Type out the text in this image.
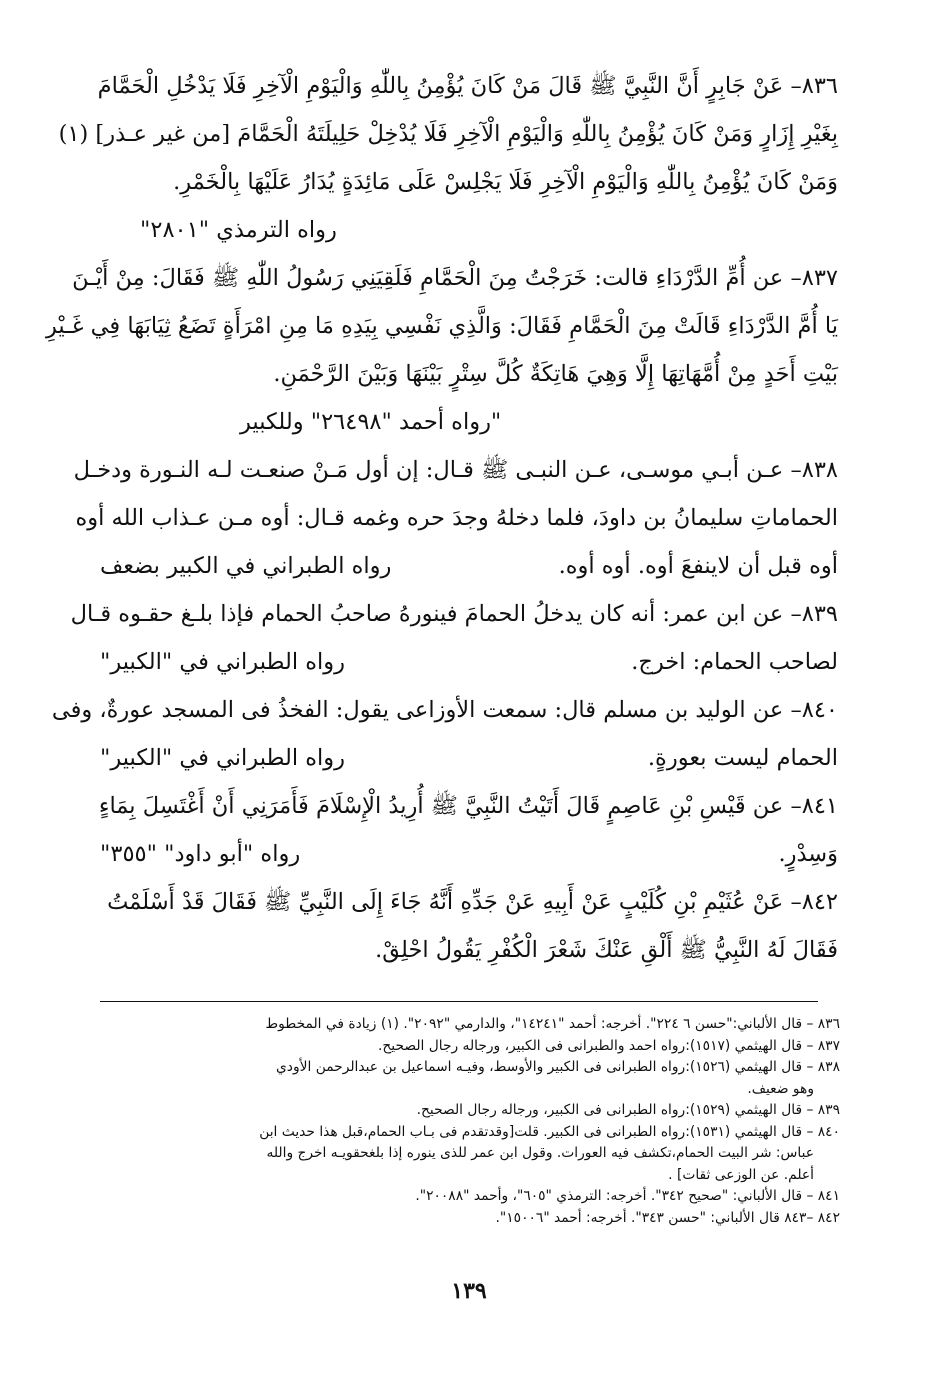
٨٣٦– عَنْ جَابِرٍ أَنَّ النَّبِيَّ ﷺ قَالَ مَنْ كَانَ يُؤْمِنُ بِاللّٰهِ وَالْيَوْمِ الْآخِرِ فَلَا يَدْخُلِ الْحَمَّامَ
بِغَيْرِ إِزَارٍ وَمَنْ كَانَ يُؤْمِنُ بِاللّٰهِ وَالْيَوْمِ الْآخِرِ فَلَا يُدْخِلْ حَلِيلَتَهُ الْحَمَّامَ [من غير عـذر] (١)
وَمَنْ كَانَ يُؤْمِنُ بِاللّٰهِ وَالْيَوْمِ الْآخِرِ فَلَا يَجْلِسْ عَلَى مَائِدَةٍ يُدَارُ عَلَيْهَا بِالْخَمْرِ.
رواه الترمذي "٢٨٠١"
٨٣٧– عن أُمِّ الدَّرْدَاءِ قالت: خَرَجْتُ مِنَ الْحَمَّامِ فَلَقِيَنِي رَسُولُ اللّٰهِ ﷺ فَقَالَ: مِنْ أَيْـنَ
يَا أُمَّ الدَّرْدَاءِ قَالَتْ مِنَ الْحَمَّامِ فَقَالَ: وَالَّذِي نَفْسِي بِيَدِهِ مَا مِنِ امْرَأَةٍ تَضَعُ ثِيَابَهَا فِي غَـيْرِ
بَيْتِ أَحَدٍ مِنْ أُمَّهَاتِهَا إِلَّا وَهِيَ هَاتِكَةٌ كُلَّ سِتْرٍ بَيْنَهَا وَبَيْنَ الرَّحْمَنِ.
"رواه أحمد "٢٦٤٩٨" وللكبير
٨٣٨– عـن أبـي موسـى، عـن النبـى ﷺ قـال: إن أول مَـنْ صنعـت لـه النـورة ودخـل
الحماماتِ سليمانُ بن داودَ، فلما دخلهُ وجدَ حره وغمه قـال: أوه مـن عـذاب الله أوه
أوه قبل أن لاينفعَ أوه. أوه أوه.
رواه الطبراني في الكبير بضعف
٨٣٩– عن ابن عمر: أنه كان يدخلُ الحمامَ فينورهُ صاحبُ الحمام فإذا بلـغ حقـوه قـال
لصاحب الحمام: اخرج.
رواه الطبراني في "الكبير"
٨٤٠– عن الوليد بن مسلم قال: سمعت الأوزاعى يقول: الفخذُ فى المسجد عورةٌ، وفى
الحمام ليست بعورةٍ.
رواه الطبراني في "الكبير"
٨٤١– عن قَيْسِ بْنِ عَاصِمٍ قَالَ أَتَيْتُ النَّبِيَّ ﷺ أُرِيدُ الْإِسْلَامَ فَأَمَرَنِي أَنْ أَغْتَسِلَ بِمَاءٍ
وَسِدْرٍ.
رواه "أبو داود" "٣٥٥"
٨٤٢– عَنْ عُثَيْمِ بْنِ كُلَيْبٍ عَنْ أَبِيهِ عَنْ جَدِّهِ أَنَّهُ جَاءَ إِلَى النَّبِيِّ ﷺ فَقَالَ قَدْ أَسْلَمْتُ
فَقَالَ لَهُ النَّبِيُّ ﷺ أَلْقِ عَنْكَ شَعْرَ الْكُفْرِ يَقُولُ احْلِقْ.
٨٣٦ – قال الألباني:"حسن ٦ ٢٢٤". أخرجه: أحمد "١٤٢٤١"، والدارمي "٢٠٩٢". (١) زيادة في المخطوط
٨٣٧ – قال الهيثمي (١٥١٧):رواه احمد والطبرانى فى الكبير، ورجاله رجال الصحيح.
٨٣٨ – قال الهيثمي (١٥٢٦):رواه الطبرانى فى الكبير والأوسط، وفيـه اسماعيل بن عبدالرحمن الأودي
وهو ضعيف.
٨٣٩ – قال الهيثمي (١٥٢٩):رواه الطبرانى فى الكبير، ورجاله رجال الصحيح.
٨٤٠ – قال الهيثمي (١٥٣١):رواه الطبرانى فى الكبير. قلت[وقدتقدم فى بـاب الحمام،قبل هذا حديث ابن
عباس: شر البيت الحمام،تكشف فيه العورات. وقول ابن عمر للذى ينوره إذا بلغحقويـه اخرج والله
أعلم. عن الوزعى ثقات] .
٨٤١ – قال الألباني: "صحيح ٣٤٢". أخرجه: الترمذي "٦٠٥"، وأحمد "٢٠٠٨٨".
٨٤٢ –٨٤٣ قال الألباني: "حسن ٣٤٣". أخرجه: أحمد "١٥٠٠٦".
١٣٩
